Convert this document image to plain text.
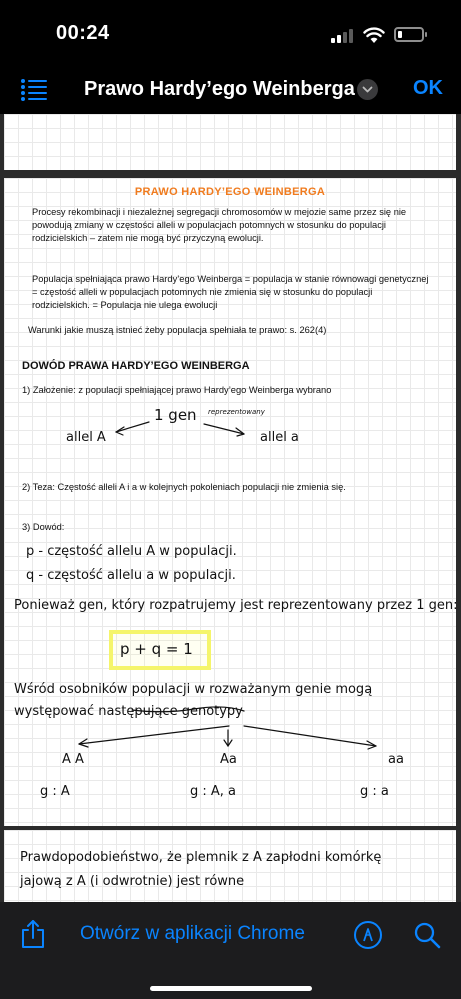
00:24
Prawo Hardy’ego Weinberga	OK
PRAWO HARDY’EGO WEINBERGA
Procesy rekombinacji i niezależnej segregacji chromosomów w mejozie same przez się nie powodują zmiany w częstości alleli w populacjach potomnych w stosunku do populacji rodzicielskich – zatem nie mogą być przyczyną ewolucji.
Populacja spełniająca prawo Hardy’ego Weinberga = populacja w stanie równowagi genetycznej = częstość alleli w populacjach potomnych nie zmienia się w stosunku do populacji rodzicielskich. = Populacja nie ulega ewolucji
Warunki jakie muszą istnieć żeby populacja spełniała te prawo: s. 262(4)
DOWÓD PRAWA HARDY’EGO WEINBERGA
1) Założenie: z populacji spełniającej prawo Hardy’ego Weinberga wybrano
1 gen reprezentowany
allel A	allel a
2) Teza: Częstość alleli A i a w kolejnych pokoleniach populacji nie zmienia się.
3) Dowód:
p - częstość allelu A w populacji.
q - częstość allelu a w populacji.
Ponieważ gen, który rozpatrujemy jest reprezentowany przez 1 gen:
p + q = 1
Wśród osobników populacji w rozważanym genie mogą
występować następujące genotypy
A A	Aa	aa
g : A	g : A, a	g : a
Prawdopodobieństwo, że plemnik z A zapłodni komórkę
jajową z A (i odwrotnie) jest równe
Otwórz w aplikacji Chrome
